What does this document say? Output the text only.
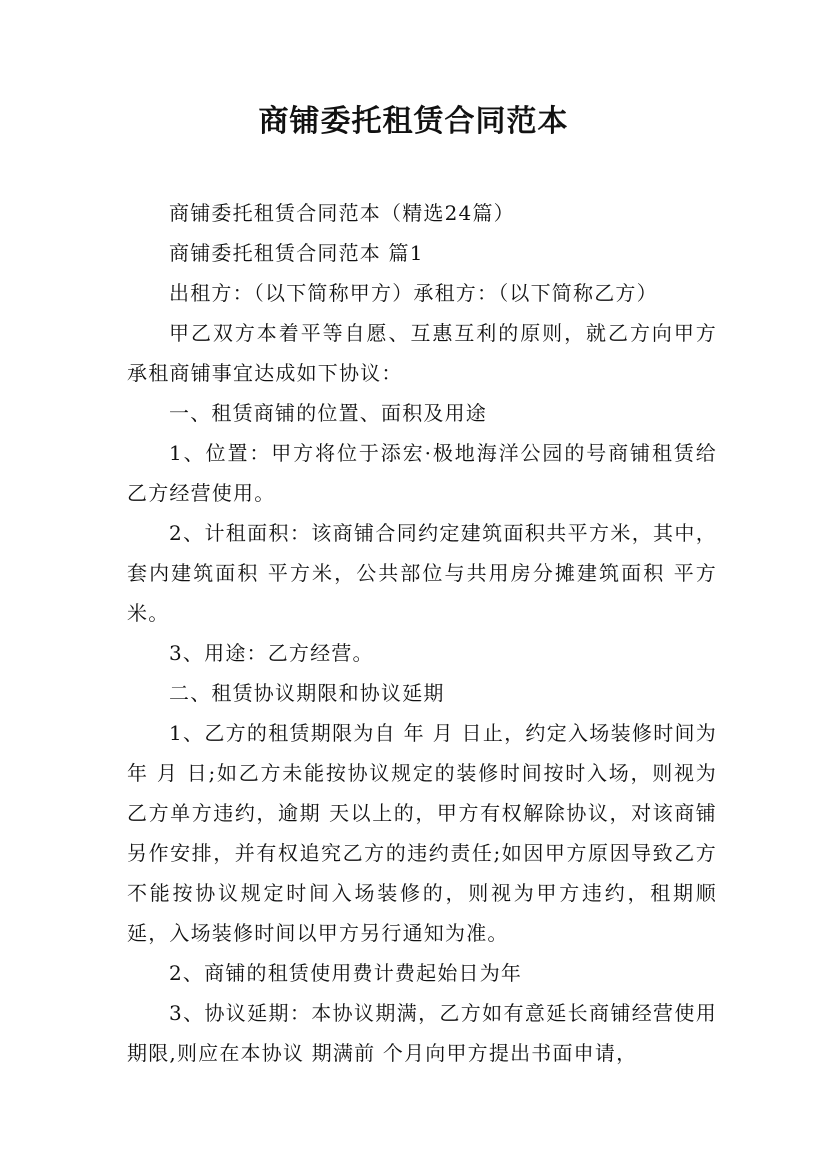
商铺委托租赁合同范本

商铺委托租赁合同范本（精选24篇）

商铺委托租赁合同范本 篇1

出租方：（以下简称甲方）承租方：（以下简称乙方）

甲乙双方本着平等自愿、互惠互利的原则，就乙方向甲方承租商铺事宜达成如下协议：

一、租赁商铺的位置、面积及用途

1、位置：甲方将位于添宏·极地海洋公园的号商铺租赁给乙方经营使用。

2、计租面积：该商铺合同约定建筑面积共平方米，其中，套内建筑面积 平方米，公共部位与共用房分摊建筑面积 平方米。

3、用途：乙方经营。

二、租赁协议期限和协议延期

1、乙方的租赁期限为自 年 月 日止，约定入场装修时间为 年 月 日;如乙方未能按协议规定的装修时间按时入场，则视为乙方单方违约，逾期 天以上的，甲方有权解除协议，对该商铺另作安排，并有权追究乙方的违约责任;如因甲方原因导致乙方不能按协议规定时间入场装修的，则视为甲方违约，租期顺延，入场装修时间以甲方另行通知为准。

2、商铺的租赁使用费计费起始日为年

3、协议延期：本协议期满，乙方如有意延长商铺经营使用期限,则应在本协议 期满前 个月向甲方提出书面申请，
